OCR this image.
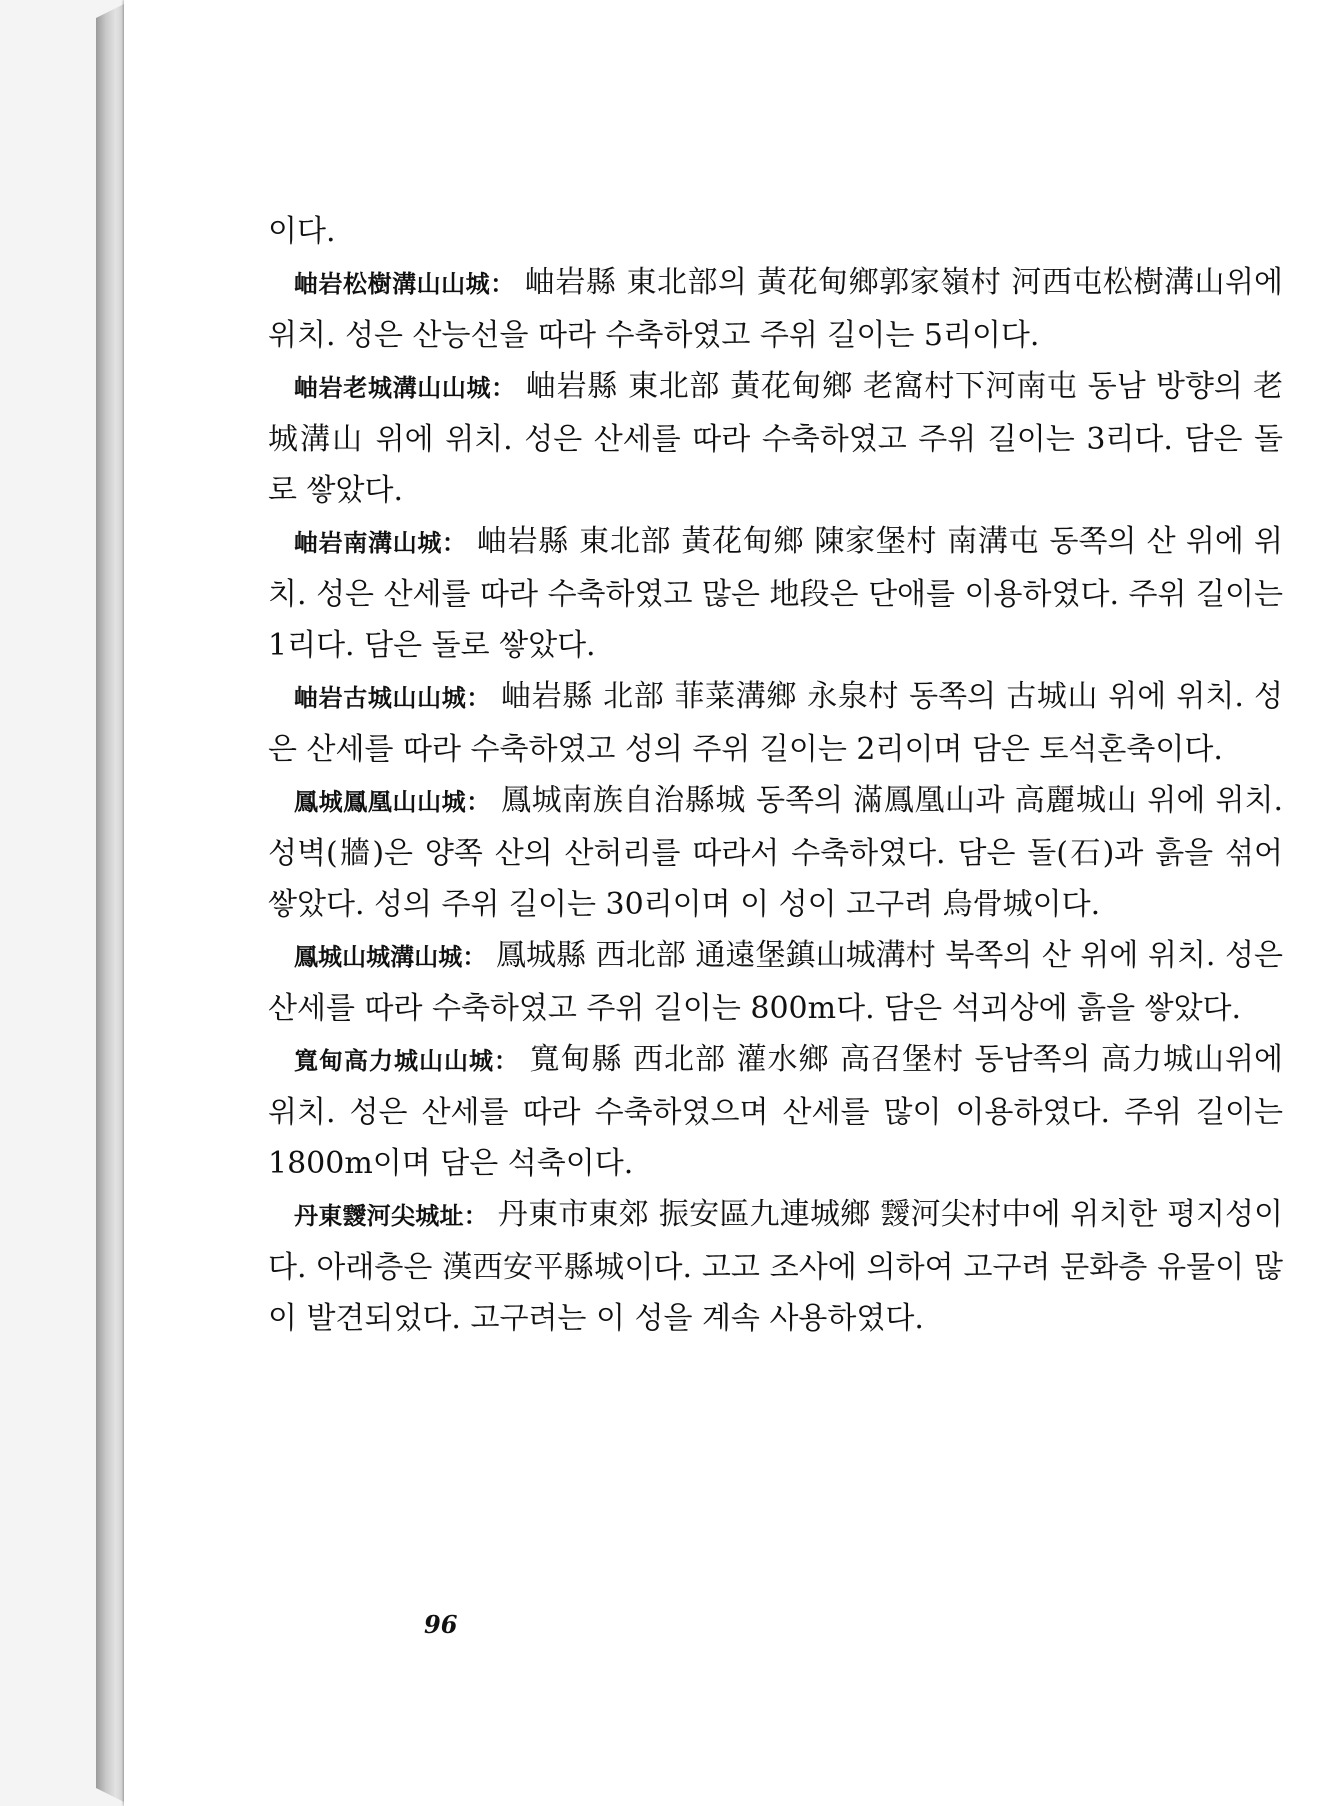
이다.

岫岩松樹溝山山城： 岫岩縣 東北部의 黃花甸鄉郭家嶺村 河西屯松樹溝山위에 위치. 성은 산능선을 따라 수축하였고 주위 길이는 5리이다.

岫岩老城溝山山城： 岫岩縣 東北部 黃花甸鄉 老窩村下河南屯 동남 방향의 老城溝山 위에 위치. 성은 산세를 따라 수축하였고 주위 길이는 3리다. 담은 돌로 쌓았다.

岫岩南溝山城： 岫岩縣 東北部 黃花甸鄉 陳家堡村 南溝屯 동쪽의 산 위에 위치. 성은 산세를 따라 수축하였고 많은 地段은 단애를 이용하였다. 주위 길이는 1리다. 담은 돌로 쌓았다.

岫岩古城山山城： 岫岩縣 北部 菲菜溝鄉 永泉村 동쪽의 古城山 위에 위치. 성은 산세를 따라 수축하였고 성의 주위 길이는 2리이며 담은 토석혼축이다.

鳳城鳳凰山山城： 鳳城南族自治縣城 동쪽의 滿鳳凰山과 高麗城山 위에 위치. 성벽(牆)은 양쪽 산의 산허리를 따라서 수축하였다. 담은 돌(石)과 흙을 섞어 쌓았다. 성의 주위 길이는 30리이며 이 성이 고구려 烏骨城이다.

鳳城山城溝山城： 鳳城縣 西北部 通遠堡鎮山城溝村 북쪽의 산 위에 위치. 성은 산세를 따라 수축하였고 주위 길이는 800m다. 담은 석괴상에 흙을 쌓았다.

寬甸高力城山山城： 寬甸縣 西北部 灌水鄉 高召堡村 동남쪽의 高力城山위에 위치. 성은 산세를 따라 수축하였으며 산세를 많이 이용하였다. 주위 길이는 1800m이며 담은 석축이다.

丹東靉河尖城址： 丹東市東郊 振安區九連城鄉 靉河尖村中에 위치한 평지성이다. 아래층은 漢西安平縣城이다. 고고 조사에 의하여 고구려 문화층 유물이 많이 발견되었다. 고구려는 이 성을 계속 사용하였다.

96
